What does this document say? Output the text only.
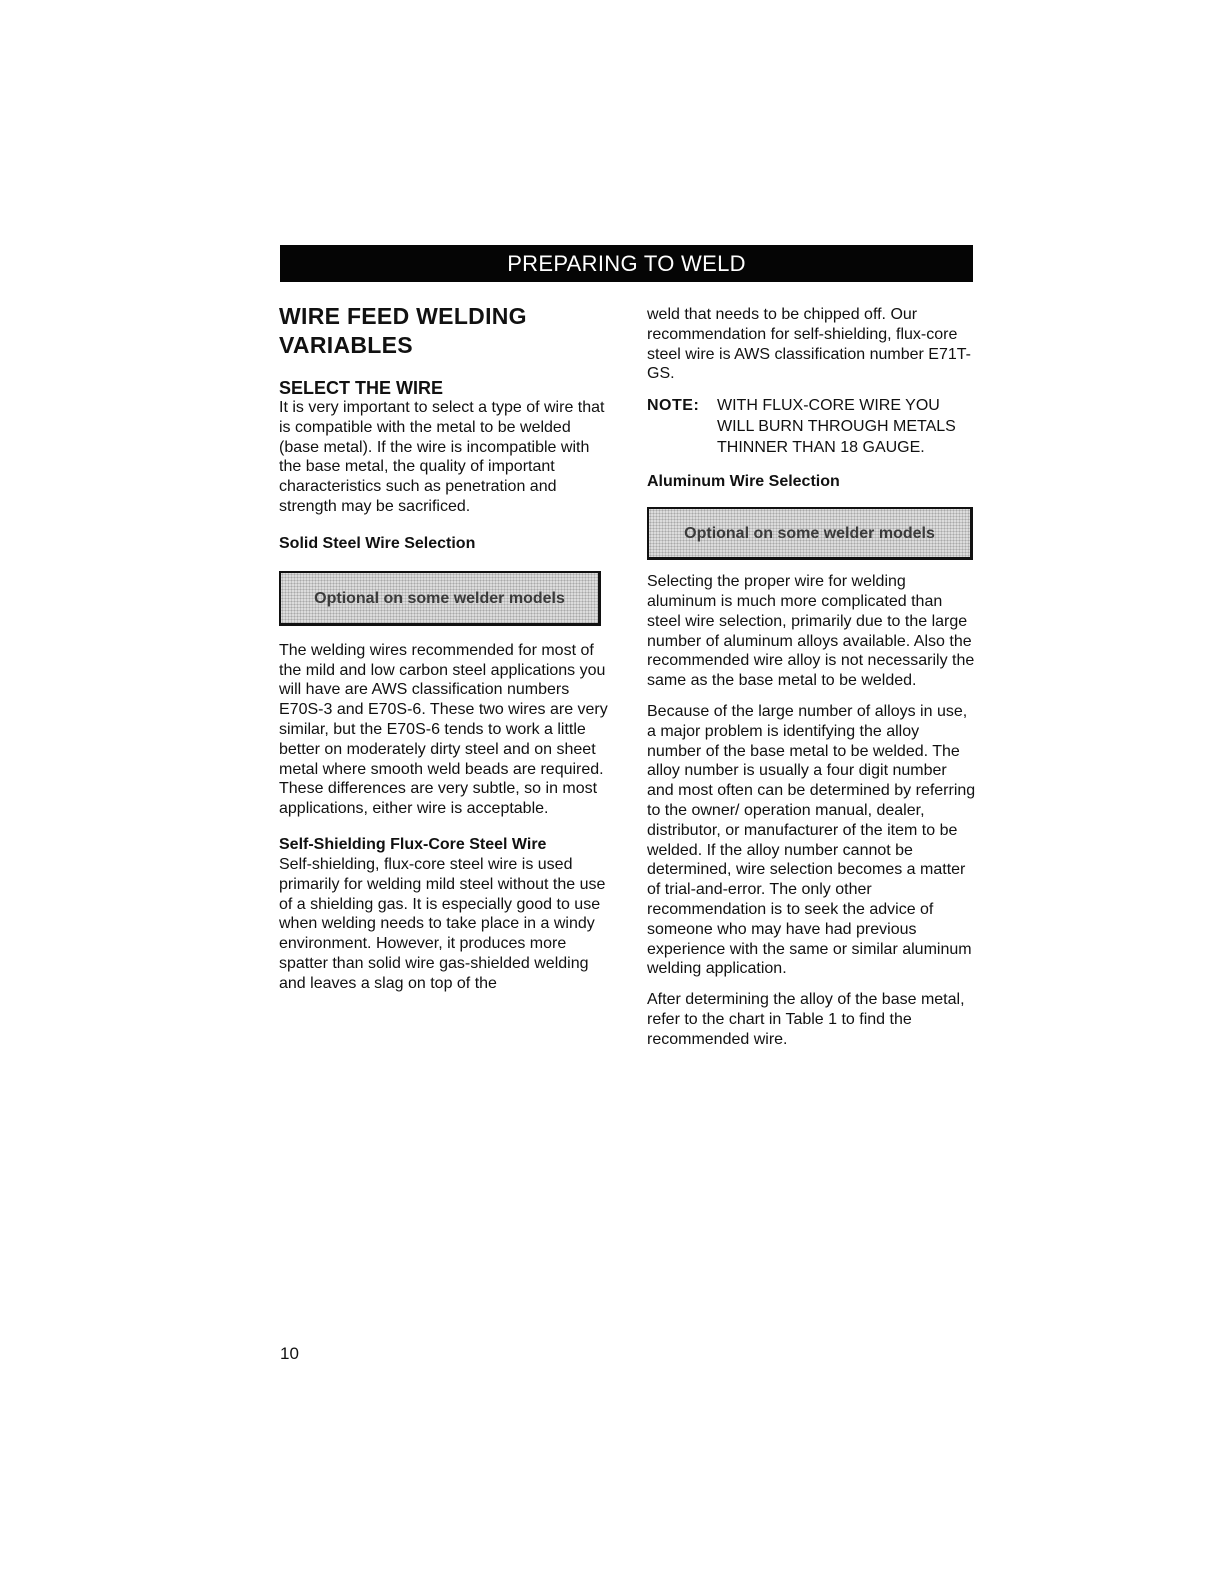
PREPARING TO WELD
WIRE FEED WELDING VARIABLES
SELECT THE WIRE

It is very important to select a type of wire that is compatible with the metal to be welded (base metal). If the wire is incompatible with the base metal, the quality of important characteristics such as penetration and strength may be sacrificed.

Solid Steel Wire Selection
Optional on some welder models

The welding wires recommended for most of the mild and low carbon steel applications you will have are AWS classification numbers E70S-3 and E70S-6. These two wires are very similar, but the E70S-6 tends to work a little better on moderately dirty steel and on sheet metal where smooth weld beads are required. These differences are very subtle, so in most applications, either wire is acceptable.

Self-Shielding Flux-Core Steel Wire

Self-shielding, flux-core steel wire is used primarily for welding mild steel without the use of a shielding gas. It is especially good to use when welding needs to take place in a windy environment. However, it produces more spatter than solid wire gas-shielded welding and leaves a slag on top of the

weld that needs to be chipped off. Our recommendation for self-shielding, flux-core steel wire is AWS classification number E71T-GS.

NOTE:	WITH FLUX-CORE WIRE YOU WILL BURN THROUGH METALS THINNER THAN 18 GAUGE.
Aluminum Wire Selection
Optional on some welder models

Selecting the proper wire for welding aluminum is much more complicated than steel wire selection, primarily due to the large number of aluminum alloys available. Also the recommended wire alloy is not necessarily the same as the base metal to be welded.

Because of the large number of alloys in use, a major problem is identifying the alloy number of the base metal to be welded. The alloy number is usually a four digit number and most often can be determined by referring to the owner/ operation manual, dealer, distributor, or manufacturer of the item to be welded. If the alloy number cannot be determined, wire selection becomes a matter of trial-and-error. The only other recommendation is to seek the advice of someone who may have had previous experience with the same or similar aluminum welding application.

After determining the alloy of the base metal, refer to the chart in Table 1 to find the recommended wire.

10
